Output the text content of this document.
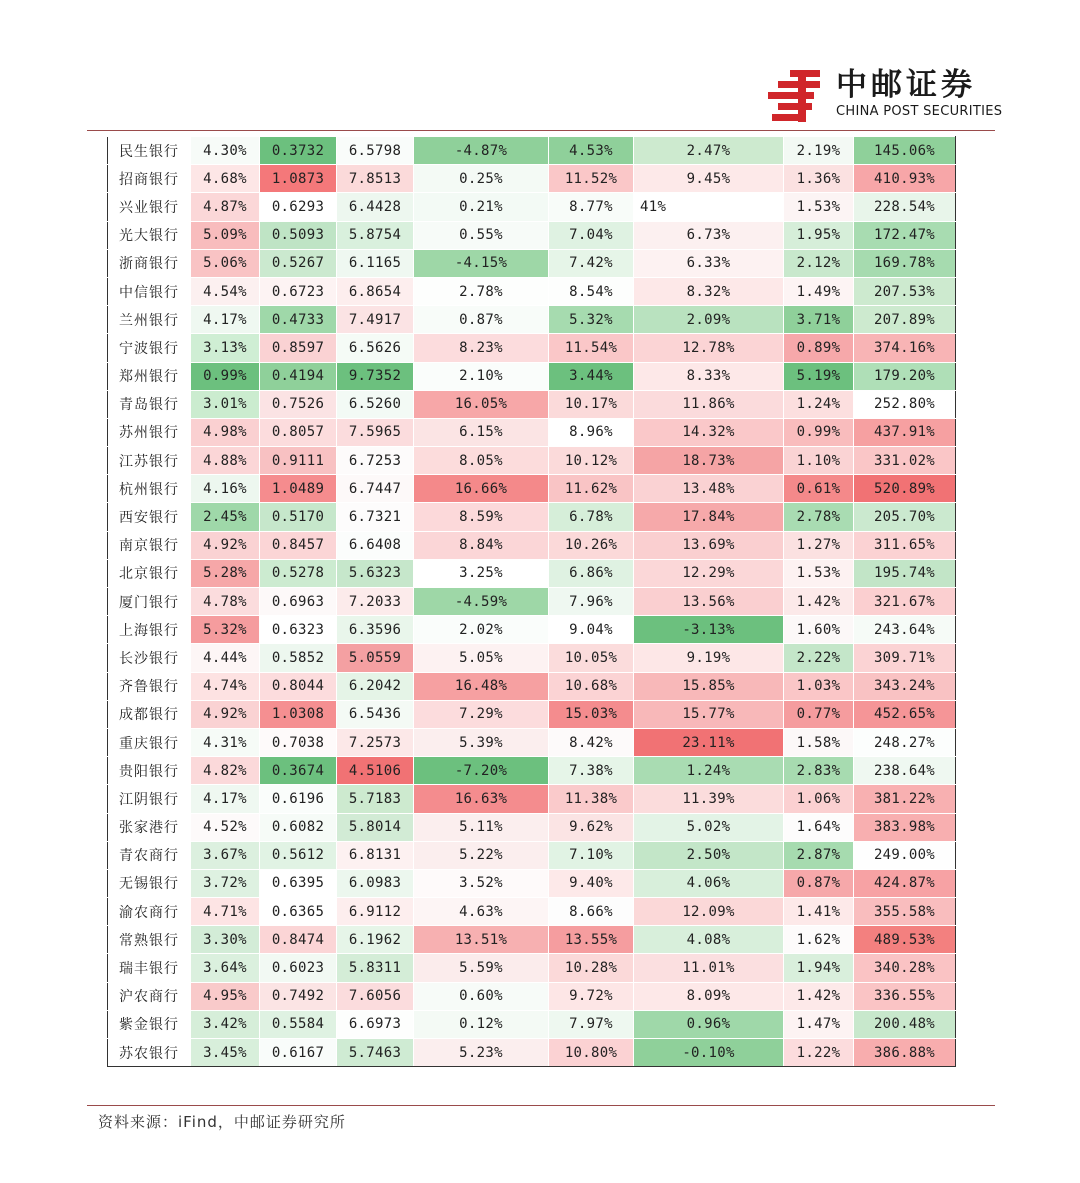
中邮证券
CHINA POST SECURITIES
民生银行	4.30%	0.3732	6.5798	-4.87%	4.53%	2.47%	2.19%	145.06%
招商银行	4.68%	1.0873	7.8513	0.25%	11.52%	9.45%	1.36%	410.93%
兴业银行	4.87%	0.6293	6.4428	0.21%	8.77%	41%	1.53%	228.54%
光大银行	5.09%	0.5093	5.8754	0.55%	7.04%	6.73%	1.95%	172.47%
浙商银行	5.06%	0.5267	6.1165	-4.15%	7.42%	6.33%	2.12%	169.78%
中信银行	4.54%	0.6723	6.8654	2.78%	8.54%	8.32%	1.49%	207.53%
兰州银行	4.17%	0.4733	7.4917	0.87%	5.32%	2.09%	3.71%	207.89%
宁波银行	3.13%	0.8597	6.5626	8.23%	11.54%	12.78%	0.89%	374.16%
郑州银行	0.99%	0.4194	9.7352	2.10%	3.44%	8.33%	5.19%	179.20%
青岛银行	3.01%	0.7526	6.5260	16.05%	10.17%	11.86%	1.24%	252.80%
苏州银行	4.98%	0.8057	7.5965	6.15%	8.96%	14.32%	0.99%	437.91%
江苏银行	4.88%	0.9111	6.7253	8.05%	10.12%	18.73%	1.10%	331.02%
杭州银行	4.16%	1.0489	6.7447	16.66%	11.62%	13.48%	0.61%	520.89%
西安银行	2.45%	0.5170	6.7321	8.59%	6.78%	17.84%	2.78%	205.70%
南京银行	4.92%	0.8457	6.6408	8.84%	10.26%	13.69%	1.27%	311.65%
北京银行	5.28%	0.5278	5.6323	3.25%	6.86%	12.29%	1.53%	195.74%
厦门银行	4.78%	0.6963	7.2033	-4.59%	7.96%	13.56%	1.42%	321.67%
上海银行	5.32%	0.6323	6.3596	2.02%	9.04%	-3.13%	1.60%	243.64%
长沙银行	4.44%	0.5852	5.0559	5.05%	10.05%	9.19%	2.22%	309.71%
齐鲁银行	4.74%	0.8044	6.2042	16.48%	10.68%	15.85%	1.03%	343.24%
成都银行	4.92%	1.0308	6.5436	7.29%	15.03%	15.77%	0.77%	452.65%
重庆银行	4.31%	0.7038	7.2573	5.39%	8.42%	23.11%	1.58%	248.27%
贵阳银行	4.82%	0.3674	4.5106	-7.20%	7.38%	1.24%	2.83%	238.64%
江阴银行	4.17%	0.6196	5.7183	16.63%	11.38%	11.39%	1.06%	381.22%
张家港行	4.52%	0.6082	5.8014	5.11%	9.62%	5.02%	1.64%	383.98%
青农商行	3.67%	0.5612	6.8131	5.22%	7.10%	2.50%	2.87%	249.00%
无锡银行	3.72%	0.6395	6.0983	3.52%	9.40%	4.06%	0.87%	424.87%
渝农商行	4.71%	0.6365	6.9112	4.63%	8.66%	12.09%	1.41%	355.58%
常熟银行	3.30%	0.8474	6.1962	13.51%	13.55%	4.08%	1.62%	489.53%
瑞丰银行	3.64%	0.6023	5.8311	5.59%	10.28%	11.01%	1.94%	340.28%
沪农商行	4.95%	0.7492	7.6056	0.60%	9.72%	8.09%	1.42%	336.55%
紫金银行	3.42%	0.5584	6.6973	0.12%	7.97%	0.96%	1.47%	200.48%
苏农银行	3.45%	0.6167	5.7463	5.23%	10.80%	-0.10%	1.22%	386.88%
资料来源：iFind，中邮证券研究所
